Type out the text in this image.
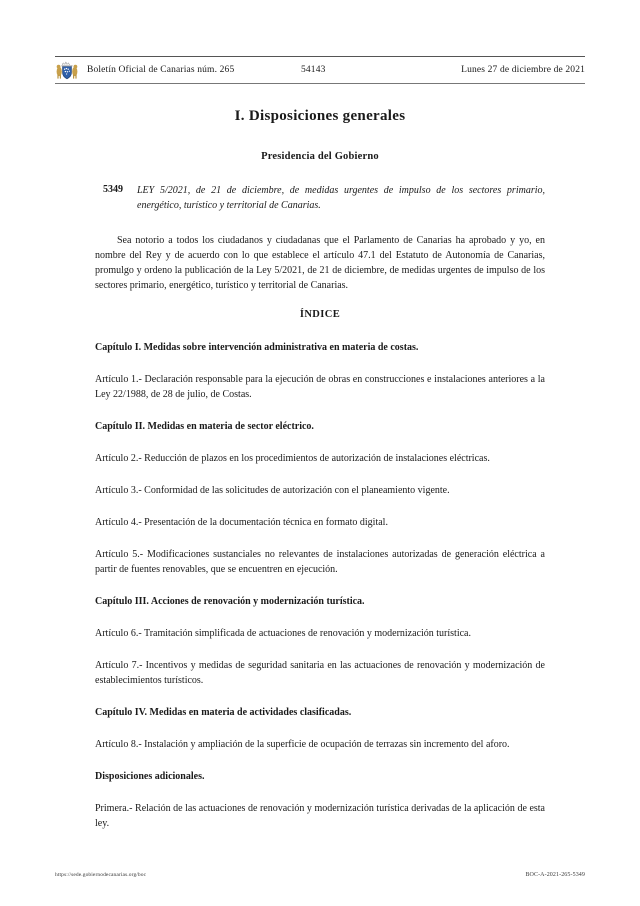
Boletín Oficial de Canarias núm. 265	54143	Lunes 27 de diciembre de 2021
I. Disposiciones generales
Presidencia del Gobierno
5349	LEY 5/2021, de 21 de diciembre, de medidas urgentes de impulso de los sectores primario, energético, turístico y territorial de Canarias.

Sea notorio a todos los ciudadanos y ciudadanas que el Parlamento de Canarias ha aprobado y yo, en nombre del Rey y de acuerdo con lo que establece el artículo 47.1 del Estatuto de Autonomía de Canarias, promulgo y ordeno la publicación de la Ley 5/2021, de 21 de diciembre, de medidas urgentes de impulso de los sectores primario, energético, turístico y territorial de Canarias.

ÍNDICE
Capítulo I. Medidas sobre intervención administrativa en materia de costas.
Artículo 1.- Declaración responsable para la ejecución de obras en construcciones e instalaciones anteriores a la Ley 22/1988, de 28 de julio, de Costas.
Capítulo II. Medidas en materia de sector eléctrico.
Artículo 2.- Reducción de plazos en los procedimientos de autorización de instalaciones eléctricas.
Artículo 3.- Conformidad de las solicitudes de autorización con el planeamiento vigente.
Artículo 4.- Presentación de la documentación técnica en formato digital.
Artículo 5.- Modificaciones sustanciales no relevantes de instalaciones autorizadas de generación eléctrica a partir de fuentes renovables, que se encuentren en ejecución.
Capítulo III. Acciones de renovación y modernización turística.
Artículo 6.- Tramitación simplificada de actuaciones de renovación y modernización turística.
Artículo 7.- Incentivos y medidas de seguridad sanitaria en las actuaciones de renovación y modernización de establecimientos turísticos.
Capítulo IV. Medidas en materia de actividades clasificadas.
Artículo 8.- Instalación y ampliación de la superficie de ocupación de terrazas sin incremento del aforo.
Disposiciones adicionales.
Primera.- Relación de las actuaciones de renovación y modernización turística derivadas de la aplicación de esta ley.
https://sede.gobiernodecanarias.org/boc	BOC-A-2021-265-5349
